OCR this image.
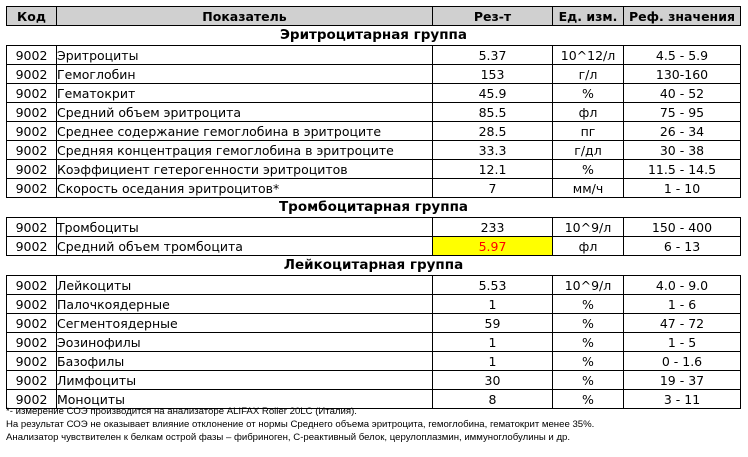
Код	Показатель	Рез-т	Ед. изм.	Реф. значения
Эритроцитарная группа				
9002	Эритроциты	5.37	10^12/л	4.5 - 5.9
9002	Гемоглобин	153	г/л	130-160
9002	Гематокрит	45.9	%	40 - 52
9002	Средний объем эритроцита	85.5	фл	75 - 95
9002	Среднее содержание гемоглобина в эритроците	28.5	пг	26 - 34
9002	Средняя концентрация гемоглобина в эритроците	33.3	г/дл	30 - 38
9002	Коэффициент гетерогенности эритроцитов	12.1	%	11.5 - 14.5
9002	Скорость оседания эритроцитов*	7	мм/ч	1 - 10
Тромбоцитарная группа				
9002	Тромбоциты	233	10^9/л	150 - 400
9002	Средний объем тромбоцита	5.97	фл	6 - 13
Лейкоцитарная группа				
9002	Лейкоциты	5.53	10^9/л	4.0 - 9.0
9002	Палочкоядерные	1	%	1 - 6
9002	Сегментоядерные	59	%	47 - 72
9002	Эозинофилы	1	%	1 - 5
9002	Базофилы	1	%	0 - 1.6
9002	Лимфоциты	30	%	19 - 37
9002	Моноциты	8	%	3 - 11
*- измерение СОЭ производится на анализаторе ALIFAX Roller 20LC (Италия).
На результат СОЭ не оказывает влияние отклонение от нормы Среднего объема эритроцита, гемоглобина, гематокрит менее 35%.
Анализатор чувствителен к белкам острой фазы – фибриноген, С-реактивный белок, церулоплазмин, иммуноглобулины и др.
